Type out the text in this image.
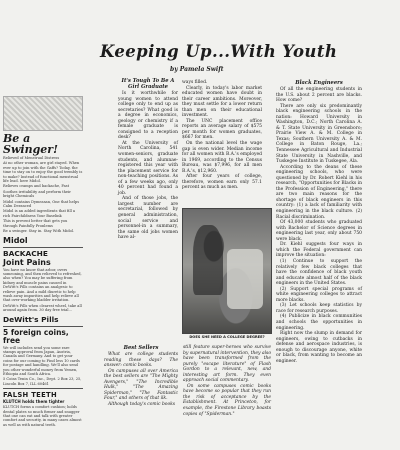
Be a Swinger!
Relieved of Menstrual Distress
At no other woman, are girl stayed. When ever up to join with the Gaffs? Today, the time to stay on to enjoy the good trembly is to make? Instead of functional menstrual life lead. here Midol.

Relieves cramps and backache, Fast

Soothes irritability and perform their bright Chemicals

Midol contains Dymeasan, One that helps Calm Deranced

Midol is an added ingredients that fill a rich Fairchildness Your Baselink

This is prevent better that gets you through Painfully Pronlems

Be a swinger. Stay in. Stay With Midol.
Midol
BACKACHE
Joint Pains
You have no know that arbor, overs someoning, and then relieved to refreshed, also when? You may be suffering from kidney and muscle pains caused in DeWitt's Pills contains an analgesic to relieve pain. And a mild diuretic to help wash away impurities and help relieve all that over-working bladder irritation.
DeWitt's Pills when clearest wheel, take all around again from. 30 day free trial...
DeWitt's Pills
5 foreign coins, free
We will includes send you some rare stamps approval from Japan, Austria, Canada and Germany. And to get your coins for our coming to Find less 10 cards for postage and handling. We'll also send you other wonderful money from Yemen, Ethiopia and South Africa.
5 Coins Tenin Co., Inc., Dept. 2 Box 23, 25, Lincoln Box 7, ILL 60461
FALSH TEETH
KLUTCH holds them tighter
KLUTCH forms a comfort cushion; holds dental plates so much firmer and snugger that one can eat and talk with greater comfort and security, in many cases almost as well as with natural teeth.
Keeping Up...With Youth
by Pamela Swift
It's Tough To Be A Girl Graduate

Is it worthwhile for young women to attend college only to end up as secretaries? What good is a degree in economics, geology or chemistry if a female graduate is consigned to a reception desk?

At the University of North Carolina, 541 women-seniors, graduate students, and alumnae-registered this year with the placement service for non-teaching positions. As of a few weeks ago, only 40 percent had found a job.

And of those jobs, the largest number are secretarial, followed by general administration, social service and personnel-in a summary, the same old jobs women have al-

ways filled.

Clearly, in today's labor market educated women have doubt in their career ambitions. Moreover, they must settle for a lower return than men on their educational investment.

The UNC placement office reports an average salary of $575 per month for women graduates, $667 for men.

On the national level the wage gap is even wider. Median income for all women with B.A.'s employed in 1969, according to the Census Bureau, was $7,996, for all men B.A.'s, $12,960.

After four years of college, therefore, women earn only 57.1 percent as much as men.

DOES SHE NEED A COLLEGE DEGREE?
Black Engineers

Of all the engineering students in the U.S. about 2 percent are blacks. How come?

There are only six predominantly black engineering schools in the nation: Howard University in Washington, D.C.; North Carolina A. & T. State University in Greensboro; Prairie View A. & M. College in Texas; Southern University A. & M. College in Baton Rouge, La.; Tennessee Agricultural and Industrial State University in Nashville, and Tuskegee Institute in Tuskegee, Ala.

According to the deans of these engineering schools, who were questioned by Dr. Robert Kiehl in his research, "Opportunities for Blacks in the Profession of Engineering," there are two main reasons for the shortage of black engineers in this country: (1) a lack of familiarity with engineering in the black culture. (2) Racial discrimination.

Of 43,000 students who graduated with Bachelor of Science degrees in engineering last year, only about 750 were black.

Dr. Kiehl suggests four ways in which the Federal government can improve the situation:

(1) Continue to support the relatively few black colleges that have the confidence of black youth and educate almost half of the black engineers in the United States.

(2) Support special programs of white engineering colleges to attract more blacks.

(3) Let schools keep statistics by race for research purposes.

(4) Publicize in black communities and schools the opportunities in engineering.

Right now the slump in demand for engineers, owing to cutbacks in defense and aerospace industries, is enough to discourage anyone, white or black, from wanting to become an engineer.

Best Sellers

What are college students reading these days? The answer: comic books.

On campuses all over America the best sellers are "The Mighty Avengers," "The Incredible Hulk," "The Amazing Spiderman," "The Fantastic Four," and others of that ilk.

Although today's comic books

still feature super-heroes who survive by supernatural intervention, they also have been transformed from the purely "escape literature" of Flash Gordon to a relevant, new, and interesting art form. They even approach social commentary.

On some campuses comic books have become so popular that they run the risk of acceptance by the Establishment. At Princeton, for example, the Firestone Library boasts copies of "Spiderman."
